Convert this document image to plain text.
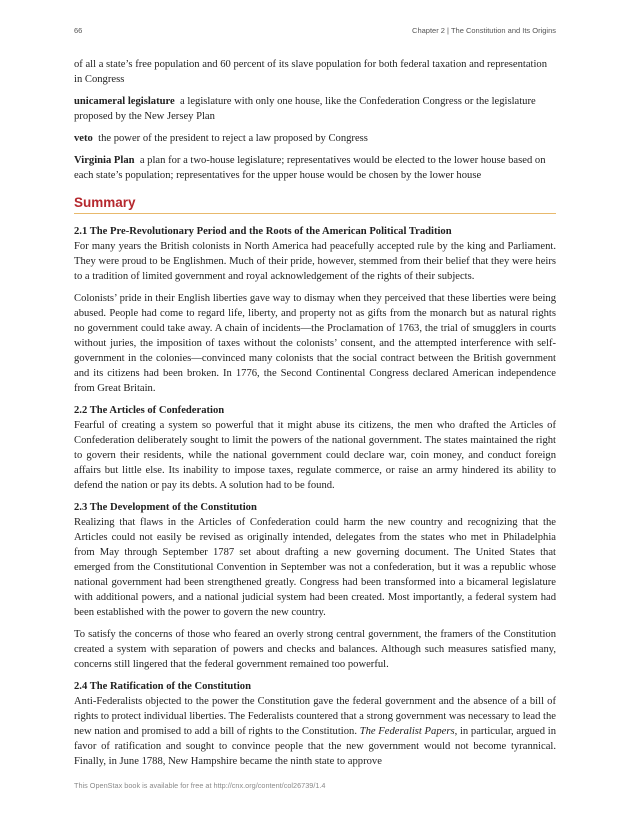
66	Chapter 2 | The Constitution and Its Origins

of all a state’s free population and 60 percent of its slave population for both federal taxation and representation in Congress

unicameral legislature a legislature with only one house, like the Confederation Congress or the legislature proposed by the New Jersey Plan

veto the power of the president to reject a law proposed by Congress

Virginia Plan a plan for a two-house legislature; representatives would be elected to the lower house based on each state’s population; representatives for the upper house would be chosen by the lower house

Summary

2.1 The Pre-Revolutionary Period and the Roots of the American Political Tradition

For many years the British colonists in North America had peacefully accepted rule by the king and Parliament. They were proud to be Englishmen. Much of their pride, however, stemmed from their belief that they were heirs to a tradition of limited government and royal acknowledgement of the rights of their subjects.

Colonists’ pride in their English liberties gave way to dismay when they perceived that these liberties were being abused. People had come to regard life, liberty, and property not as gifts from the monarch but as natural rights no government could take away. A chain of incidents—the Proclamation of 1763, the trial of smugglers in courts without juries, the imposition of taxes without the colonists’ consent, and the attempted interference with self-government in the colonies—convinced many colonists that the social contract between the British government and its citizens had been broken. In 1776, the Second Continental Congress declared American independence from Great Britain.

2.2 The Articles of Confederation

Fearful of creating a system so powerful that it might abuse its citizens, the men who drafted the Articles of Confederation deliberately sought to limit the powers of the national government. The states maintained the right to govern their residents, while the national government could declare war, coin money, and conduct foreign affairs but little else. Its inability to impose taxes, regulate commerce, or raise an army hindered its ability to defend the nation or pay its debts. A solution had to be found.

2.3 The Development of the Constitution

Realizing that flaws in the Articles of Confederation could harm the new country and recognizing that the Articles could not easily be revised as originally intended, delegates from the states who met in Philadelphia from May through September 1787 set about drafting a new governing document. The United States that emerged from the Constitutional Convention in September was not a confederation, but it was a republic whose national government had been strengthened greatly. Congress had been transformed into a bicameral legislature with additional powers, and a national judicial system had been created. Most importantly, a federal system had been established with the power to govern the new country.

To satisfy the concerns of those who feared an overly strong central government, the framers of the Constitution created a system with separation of powers and checks and balances. Although such measures satisfied many, concerns still lingered that the federal government remained too powerful.

2.4 The Ratification of the Constitution

Anti-Federalists objected to the power the Constitution gave the federal government and the absence of a bill of rights to protect individual liberties. The Federalists countered that a strong government was necessary to lead the new nation and promised to add a bill of rights to the Constitution. The Federalist Papers, in particular, argued in favor of ratification and sought to convince people that the new government would not become tyrannical. Finally, in June 1788, New Hampshire became the ninth state to approve

This OpenStax book is available for free at http://cnx.org/content/col26739/1.4
